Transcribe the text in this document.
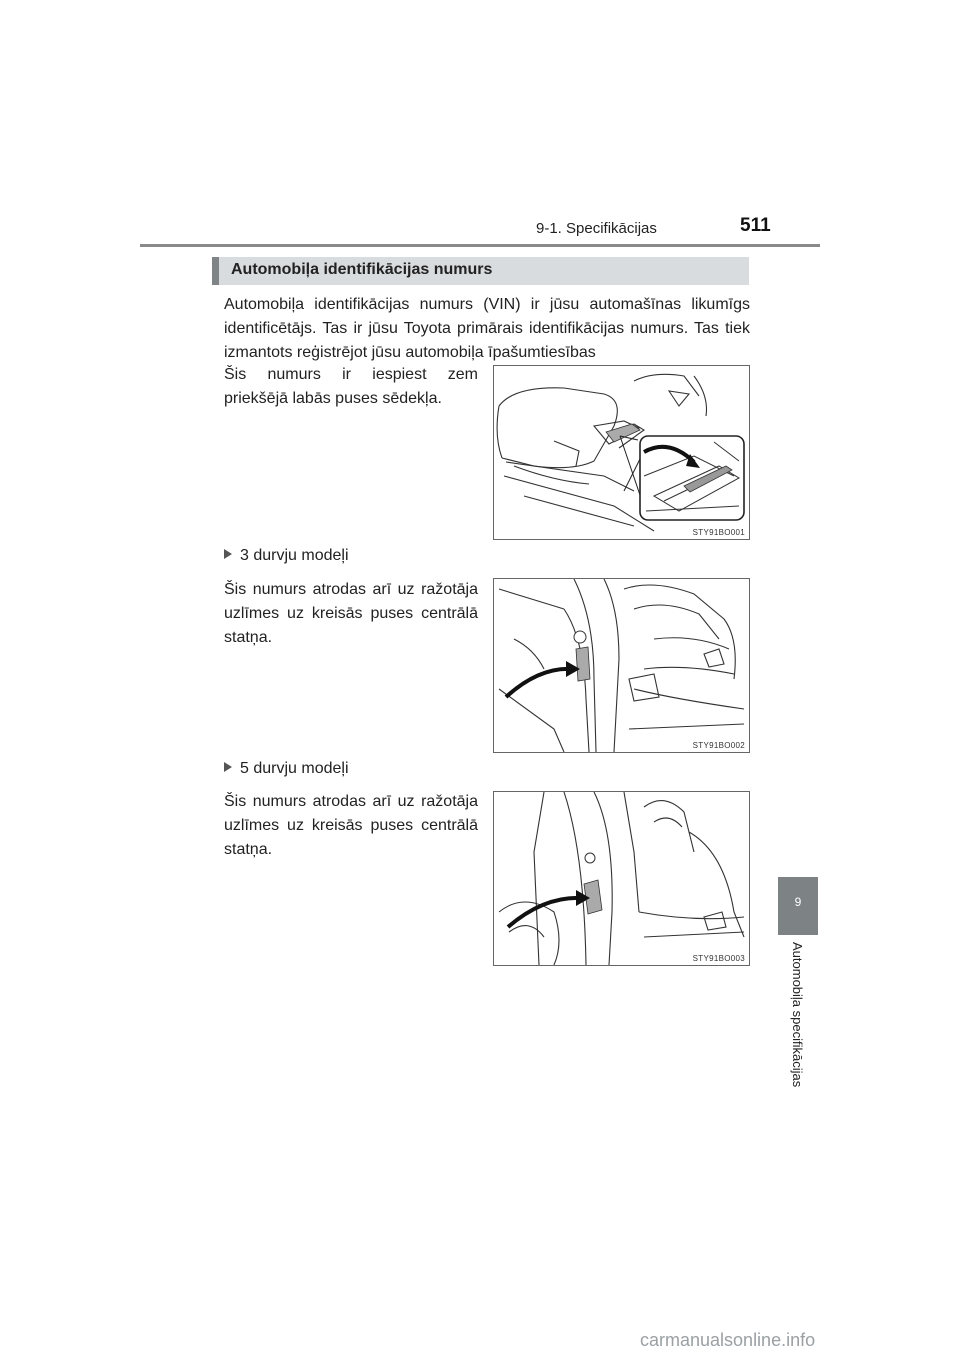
9-1. Specifikācijas	511
Automobiļa identifikācijas numurs
Automobiļa identifikācijas numurs (VIN) ir jūsu automašīnas likumīgs identificētājs. Tas ir jūsu Toyota primārais identifikācijas numurs. Tas tiek izmantots reģistrējot jūsu automobiļa īpašumtiesības
Šis numurs ir iespiest zem priekšējā labās puses sēdekļa.
STY91BO001
3 durvju modeļi
Šis numurs atrodas arī uz ražotāja uzlīmes uz kreisās puses centrālā statņa.
STY91BO002
5 durvju modeļi
Šis numurs atrodas arī uz ražotāja uzlīmes uz kreisās puses centrālā statņa.
STY91BO003
9
Automobiļa specifikācijas
carmanualsonline.info
